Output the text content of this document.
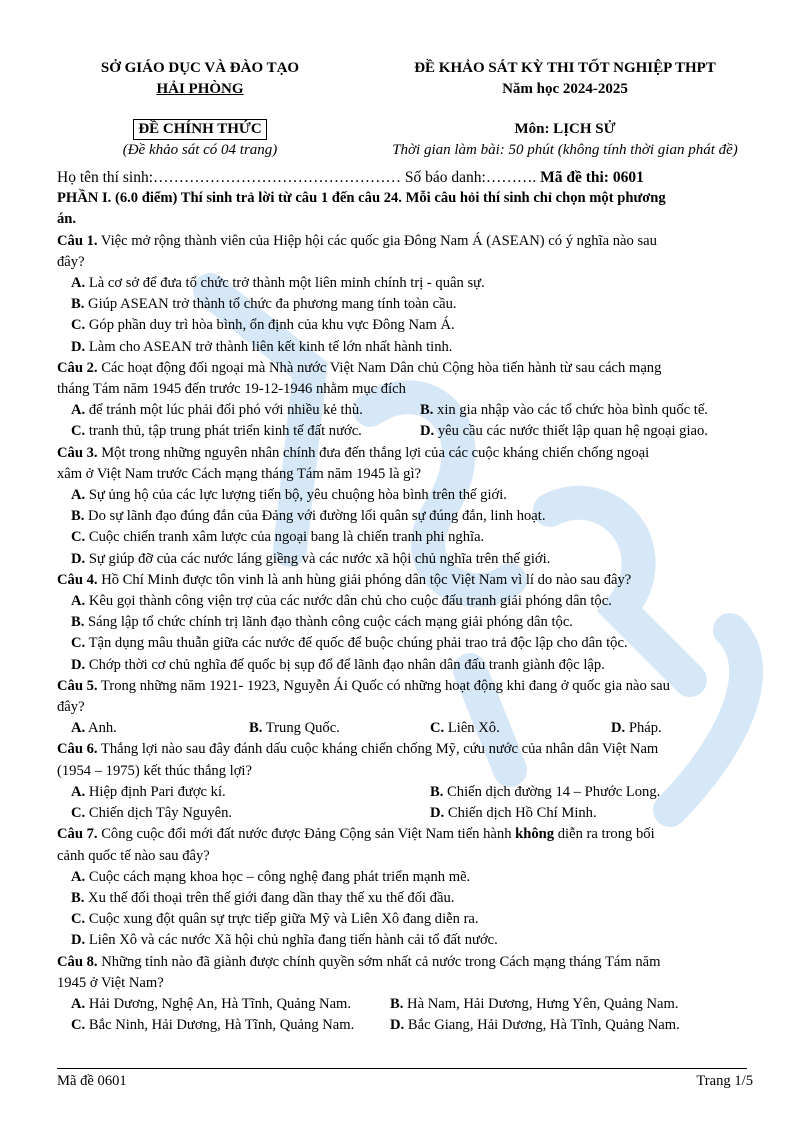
SỞ GIÁO DỤC VÀ ĐÀO TẠO
HẢI PHÒNG
ĐỀ CHÍNH THỨC
(Đề khảo sát có 04 trang)
ĐỀ KHẢO SÁT KỲ THI TỐT NGHIỆP THPT
Năm học 2024-2025
Môn: LỊCH SỬ
Thời gian làm bài: 50 phút (không tính thời gian phát đề)
Họ tên thí sinh:………………………………………… Số báo danh:………. Mã đề thi: 0601
PHẦN I. (6.0 điểm) Thí sinh trả lời từ câu 1 đến câu 24. Mỗi câu hỏi thí sinh chỉ chọn một phương
án.
Câu 1. Việc mở rộng thành viên của Hiệp hội các quốc gia Đông Nam Á (ASEAN) có ý nghĩa nào sau
đây?
A. Là cơ sở để đưa tổ chức trở thành một liên minh chính trị - quân sự.
B. Giúp ASEAN trở thành tổ chức đa phương mang tính toàn cầu.
C. Góp phần duy trì hòa bình, ổn định của khu vực Đông Nam Á.
D. Làm cho ASEAN trở thành liên kết kinh tế lớn nhất hành tinh.
Câu 2. Các hoạt động đối ngoại mà Nhà nước Việt Nam Dân chủ Cộng hòa tiến hành từ sau cách mạng
tháng Tám năm 1945 đến trước 19-12-1946 nhằm mục đích
A. để tránh một lúc phải đối phó với nhiều kẻ thù.	B. xin gia nhập vào các tổ chức hòa bình quốc tế.
C. tranh thủ, tập trung phát triển kinh tế đất nước.	D. yêu cầu các nước thiết lập quan hệ ngoại giao.
Câu 3. Một trong những nguyên nhân chính đưa đến thắng lợi của các cuộc kháng chiến chống ngoại
xâm ở Việt Nam trước Cách mạng tháng Tám năm 1945 là gì?
A. Sự ủng hộ của các lực lượng tiến bộ, yêu chuộng hòa bình trên thế giới.
B. Do sự lãnh đạo đúng đắn của Đảng với đường lối quân sự đúng đắn, linh hoạt.
C. Cuộc chiến tranh xâm lược của ngoại bang là chiến tranh phi nghĩa.
D. Sự giúp đỡ của các nước láng giềng và các nước xã hội chủ nghĩa trên thế giới.
Câu 4. Hồ Chí Minh được tôn vinh là anh hùng giải phóng dân tộc Việt Nam vì lí do nào sau đây?
A. Kêu gọi thành công viện trợ của các nước dân chủ cho cuộc đấu tranh giải phóng dân tộc.
B. Sáng lập tổ chức chính trị lãnh đạo thành công cuộc cách mạng giải phóng dân tộc.
C. Tận dụng mâu thuẫn giữa các nước đế quốc để buộc chúng phải trao trả độc lập cho dân tộc.
D. Chớp thời cơ chủ nghĩa đế quốc bị sụp đổ để lãnh đạo nhân dân đấu tranh giành độc lập.
Câu 5. Trong những năm 1921- 1923, Nguyễn Ái Quốc có những hoạt động khi đang ở quốc gia nào sau
đây?
A. Anh.	B. Trung Quốc.	C. Liên Xô.	D. Pháp.
Câu 6. Thắng lợi nào sau đây đánh dấu cuộc kháng chiến chống Mỹ, cứu nước của nhân dân Việt Nam
(1954 – 1975) kết thúc thắng lợi?
A. Hiệp định Pari được kí.	B. Chiến dịch đường 14 – Phước Long.
C. Chiến dịch Tây Nguyên.	D. Chiến dịch Hồ Chí Minh.
Câu 7. Công cuộc đổi mới đất nước được Đảng Cộng sản Việt Nam tiến hành không diễn ra trong bối
cảnh quốc tế nào sau đây?
A. Cuộc cách mạng khoa học – công nghệ đang phát triển mạnh mẽ.
B. Xu thế đối thoại trên thế giới đang dần thay thế xu thế đối đầu.
C. Cuộc xung đột quân sự trực tiếp giữa Mỹ và Liên Xô đang diễn ra.
D. Liên Xô và các nước Xã hội chủ nghĩa đang tiến hành cải tổ đất nước.
Câu 8. Những tỉnh nào đã giành được chính quyền sớm nhất cả nước trong Cách mạng tháng Tám năm
1945 ở Việt Nam?
A. Hải Dương, Nghệ An, Hà Tĩnh, Quảng Nam.	B. Hà Nam, Hải Dương, Hưng Yên, Quảng Nam.
C. Bắc Ninh, Hải Dương, Hà Tĩnh, Quảng Nam.	D. Bắc Giang, Hải Dương, Hà Tĩnh, Quảng Nam.
Mã đề 0601	Trang 1/5
